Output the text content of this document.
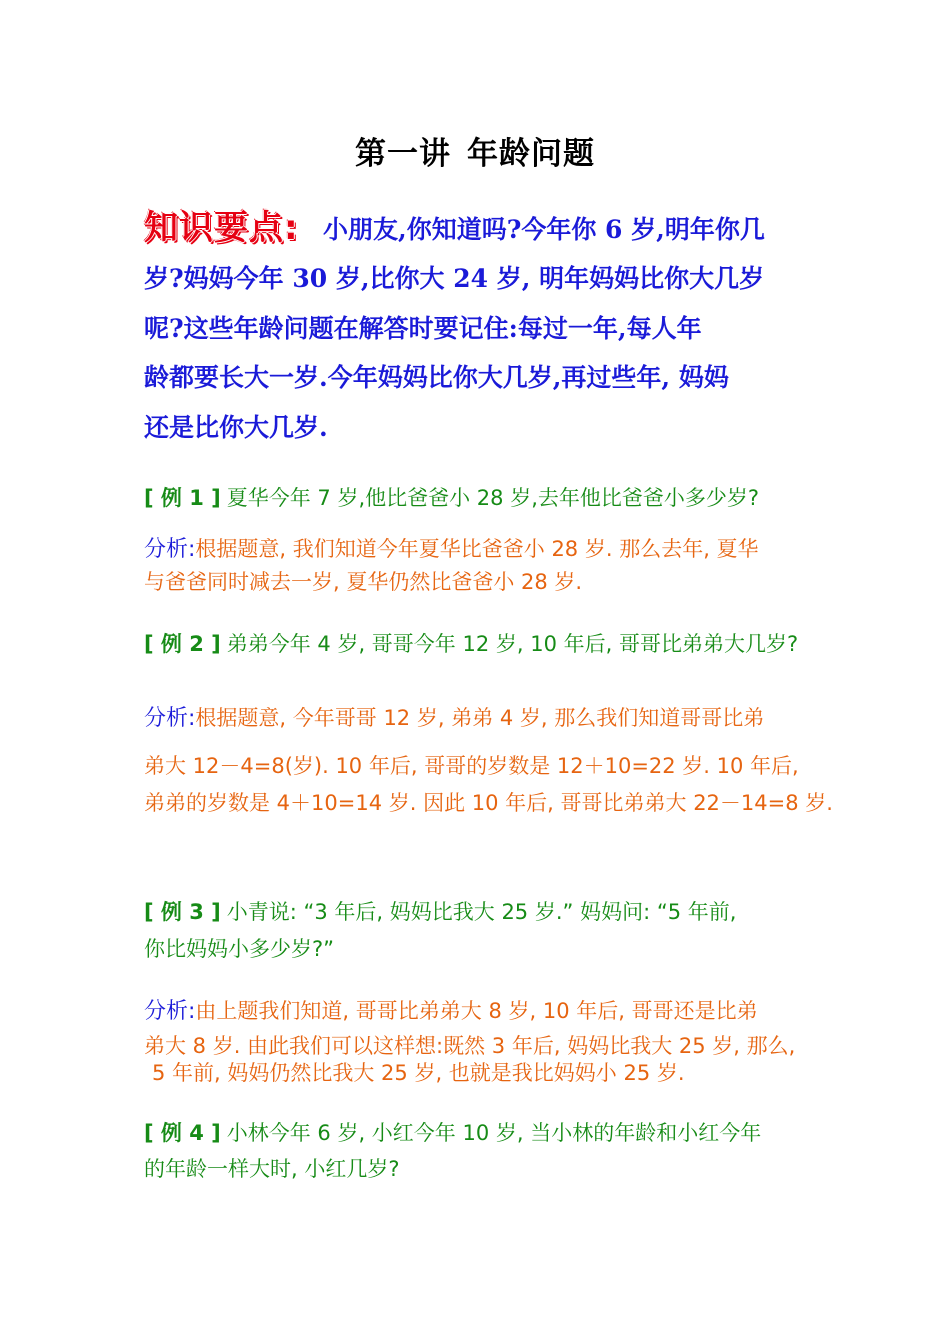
第一讲 年龄问题
知识要点: 小朋友,你知道吗?今年你 6 岁,明年你几
岁?妈妈今年 30 岁,比你大 24 岁, 明年妈妈比你大几岁
呢?这些年龄问题在解答时要记住:每过一年,每人年
龄都要长大一岁.今年妈妈比你大几岁,再过些年, 妈妈
还是比你大几岁.
[ 例 1 ] 夏华今年 7 岁,他比爸爸小 28 岁,去年他比爸爸小多少岁?
分析:根据题意, 我们知道今年夏华比爸爸小 28 岁. 那么去年, 夏华
与爸爸同时减去一岁, 夏华仍然比爸爸小 28 岁.
[ 例 2 ] 弟弟今年 4 岁, 哥哥今年 12 岁, 10 年后, 哥哥比弟弟大几岁?
分析:根据题意, 今年哥哥 12 岁, 弟弟 4 岁, 那么我们知道哥哥比弟
弟大 12－4=8(岁). 10 年后, 哥哥的岁数是 12＋10=22 岁. 10 年后,
弟弟的岁数是 4＋10=14 岁. 因此 10 年后, 哥哥比弟弟大 22－14=8 岁.
[ 例 3 ] 小青说: “3 年后, 妈妈比我大 25 岁.” 妈妈问: “5 年前,
你比妈妈小多少岁?”
分析:由上题我们知道, 哥哥比弟弟大 8 岁, 10 年后, 哥哥还是比弟
弟大 8 岁. 由此我们可以这样想:既然 3 年后, 妈妈比我大 25 岁, 那么,
5 年前, 妈妈仍然比我大 25 岁, 也就是我比妈妈小 25 岁.
[ 例 4 ] 小林今年 6 岁, 小红今年 10 岁, 当小林的年龄和小红今年
的年龄一样大时, 小红几岁?
